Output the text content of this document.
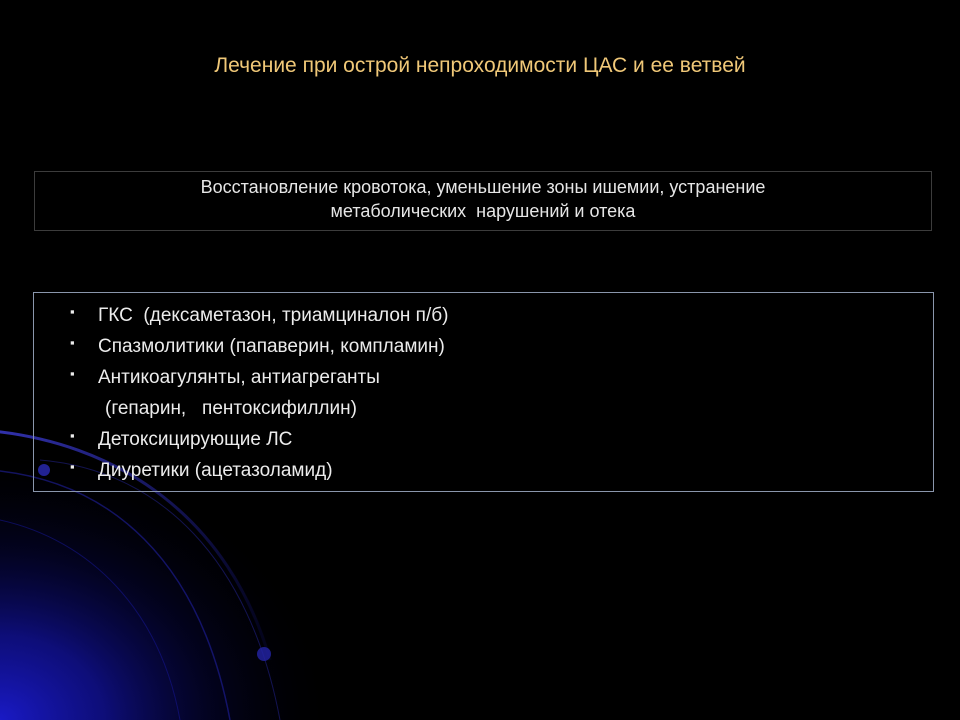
Лечение при острой непроходимости ЦАС и ее ветвей
Восстановление кровотока, уменьшение зоны ишемии, устранение
метаболических  нарушений и отека

▪

ГКС  (дексаметазон, триамциналон п/б)

▪

Спазмолитики (папаверин, компламин)

▪

Антикоагулянты, антиагреганты

(гепарин,   пентоксифиллин)

▪

Детоксицирующие ЛС

▪

Диуретики (ацетазоламид)
